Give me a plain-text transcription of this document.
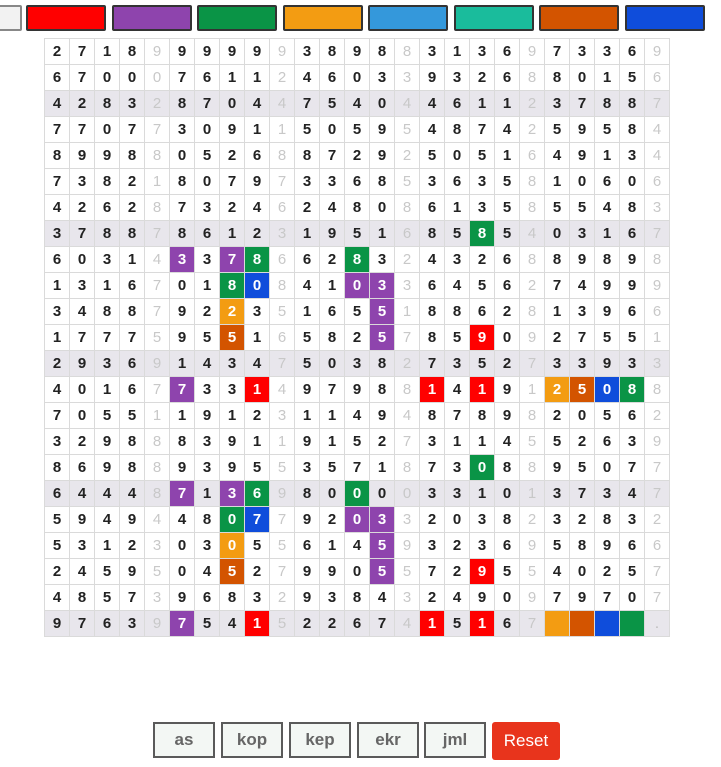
2	7	1	8	9	9	9	9	9	9	3	8	9	8	8	3	1	3	6	9	7	3	3	6	9
6	7	0	0	0	7	6	1	1	2	4	6	0	3	3	9	3	2	6	8	8	0	1	5	6
4	2	8	3	2	8	7	0	4	4	7	5	4	0	4	4	6	1	1	2	3	7	8	8	7
7	7	0	7	7	3	0	9	1	1	5	0	5	9	5	4	8	7	4	2	5	9	5	8	4
8	9	9	8	8	0	5	2	6	8	8	7	2	9	2	5	0	5	1	6	4	9	1	3	4
7	3	8	2	1	8	0	7	9	7	3	3	6	8	5	3	6	3	5	8	1	0	6	0	6
4	2	6	2	8	7	3	2	4	6	2	4	8	0	8	6	1	3	5	8	5	5	4	8	3
3	7	8	8	7	8	6	1	2	3	1	9	5	1	6	8	5	8	5	4	0	3	1	6	7
6	0	3	1	4	3	3	7	8	6	6	2	8	3	2	4	3	2	6	8	8	9	8	9	8
1	3	1	6	7	0	1	8	0	8	4	1	0	3	3	6	4	5	6	2	7	4	9	9	9
3	4	8	8	7	9	2	2	3	5	1	6	5	5	1	8	8	6	2	8	1	3	9	6	6
1	7	7	7	5	9	5	5	1	6	5	8	2	5	7	8	5	9	0	9	2	7	5	5	1
2	9	3	6	9	1	4	3	4	7	5	0	3	8	2	7	3	5	2	7	3	3	9	3	3
4	0	1	6	7	7	3	3	1	4	9	7	9	8	8	1	4	1	9	1	2	5	0	8	8
7	0	5	5	1	1	9	1	2	3	1	1	4	9	4	8	7	8	9	8	2	0	5	6	2
3	2	9	8	8	8	3	9	1	1	9	1	5	2	7	3	1	1	4	5	5	2	6	3	9
8	6	9	8	8	9	3	9	5	5	3	5	7	1	8	7	3	0	8	8	9	5	0	7	7
6	4	4	4	8	7	1	3	6	9	8	0	0	0	0	3	3	1	0	1	3	7	3	4	7
5	9	4	9	4	4	8	0	7	7	9	2	0	3	3	2	0	3	8	2	3	2	8	3	2
5	3	1	2	3	0	3	0	5	5	6	1	4	5	9	3	2	3	6	9	5	8	9	6	6
2	4	5	9	5	0	4	5	2	7	9	9	0	5	5	7	2	9	5	5	4	0	2	5	7
4	8	5	7	3	9	6	8	3	2	9	3	8	4	3	2	4	9	0	9	7	9	7	0	7
9	7	6	3	9	7	5	4	1	5	2	2	6	7	4	1	5	1	6	7					.
as	kop	kep	ekr	jml	Reset
